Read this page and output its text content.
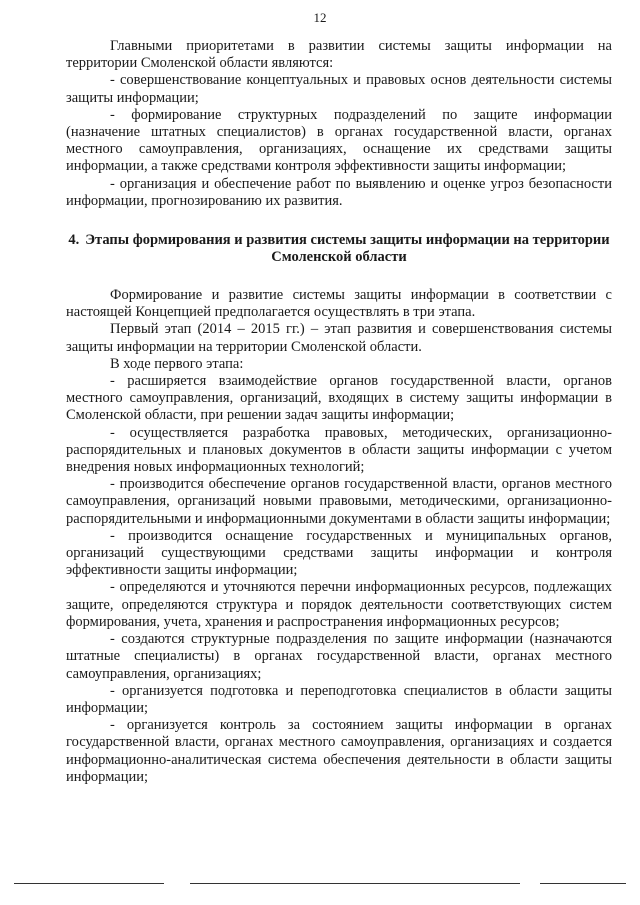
12

Главными приоритетами в развитии системы защиты информации на территории Смоленской области являются:

- совершенствование концептуальных и правовых основ деятельности системы защиты информации;

- формирование структурных подразделений по защите информации (назначение штатных специалистов) в органах государственной власти, органах местного самоуправления, организациях, оснащение их средствами защиты информации, а также средствами контроля эффективности защиты информации;

- организация и обеспечение работ по выявлению и оценке угроз безопасности информации, прогнозированию их развития.

4. Этапы формирования и развития системы защиты информации на территории Смоленской области

Формирование и развитие системы защиты информации в соответствии с настоящей Концепцией предполагается осуществлять в три этапа.

Первый этап (2014 – 2015 гг.) – этап развития и совершенствования системы защиты информации на территории Смоленской области.

В ходе первого этапа:

- расширяется взаимодействие органов государственной власти, органов местного самоуправления, организаций, входящих в систему защиты информации в Смоленской области, при решении задач защиты информации;

- осуществляется разработка правовых, методических, организационно-распорядительных и плановых документов в области защиты информации с учетом внедрения новых информационных технологий;

- производится обеспечение органов государственной власти, органов местного самоуправления, организаций новыми правовыми, методическими, организационно-распорядительными и информационными документами в области защиты информации;

- производится оснащение государственных и муниципальных органов, организаций существующими средствами защиты информации и контроля эффективности защиты информации;

- определяются и уточняются перечни информационных ресурсов, подлежащих защите, определяются структура и порядок деятельности соответствующих систем формирования, учета, хранения и распространения информационных ресурсов;

- создаются структурные подразделения по защите информации (назначаются штатные специалисты) в органах государственной власти, органах местного самоуправления, организациях;

- организуется подготовка и переподготовка специалистов в области защиты информации;

- организуется контроль за состоянием защиты информации в органах государственной власти, органах местного самоуправления, организациях и создается информационно-аналитическая система обеспечения деятельности в области защиты информации;
